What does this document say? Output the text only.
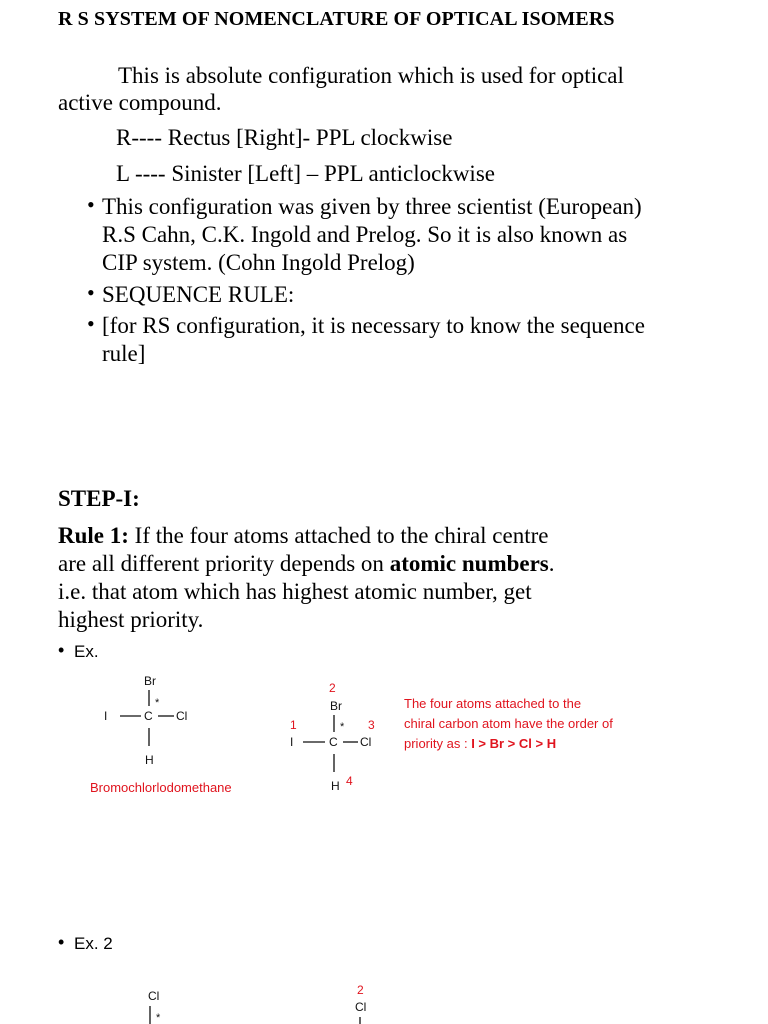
R S SYSTEM OF NOMENCLATURE OF OPTICAL ISOMERS
This is absolute configuration which is used for optical
active compound.
R---- Rectus [Right]- PPL clockwise
L ---- Sinister [Left] – PPL anticlockwise
• This configuration was given by three scientist (European)
R.S Cahn, C.K. Ingold and Prelog. So it is also known as
CIP system. (Cohn Ingold Prelog)
• SEQUENCE RULE:
• [for RS configuration, it is necessary to know the sequence
rule]
STEP-I:
Rule 1: If the four atoms attached to the chiral centre
are all different priority depends on atomic numbers.
i.e. that atom which has highest atomic number, get
highest priority.
• Ex.
Br
*
I	C Cl
H
Bromochlorlodomethane
2
Br
*
1	3
I	C Cl
H 4
The four atoms attached to the
chiral carbon atom have the order of
priority as : I > Br > Cl > H
• Ex. 2
Cl
*
2
Cl
